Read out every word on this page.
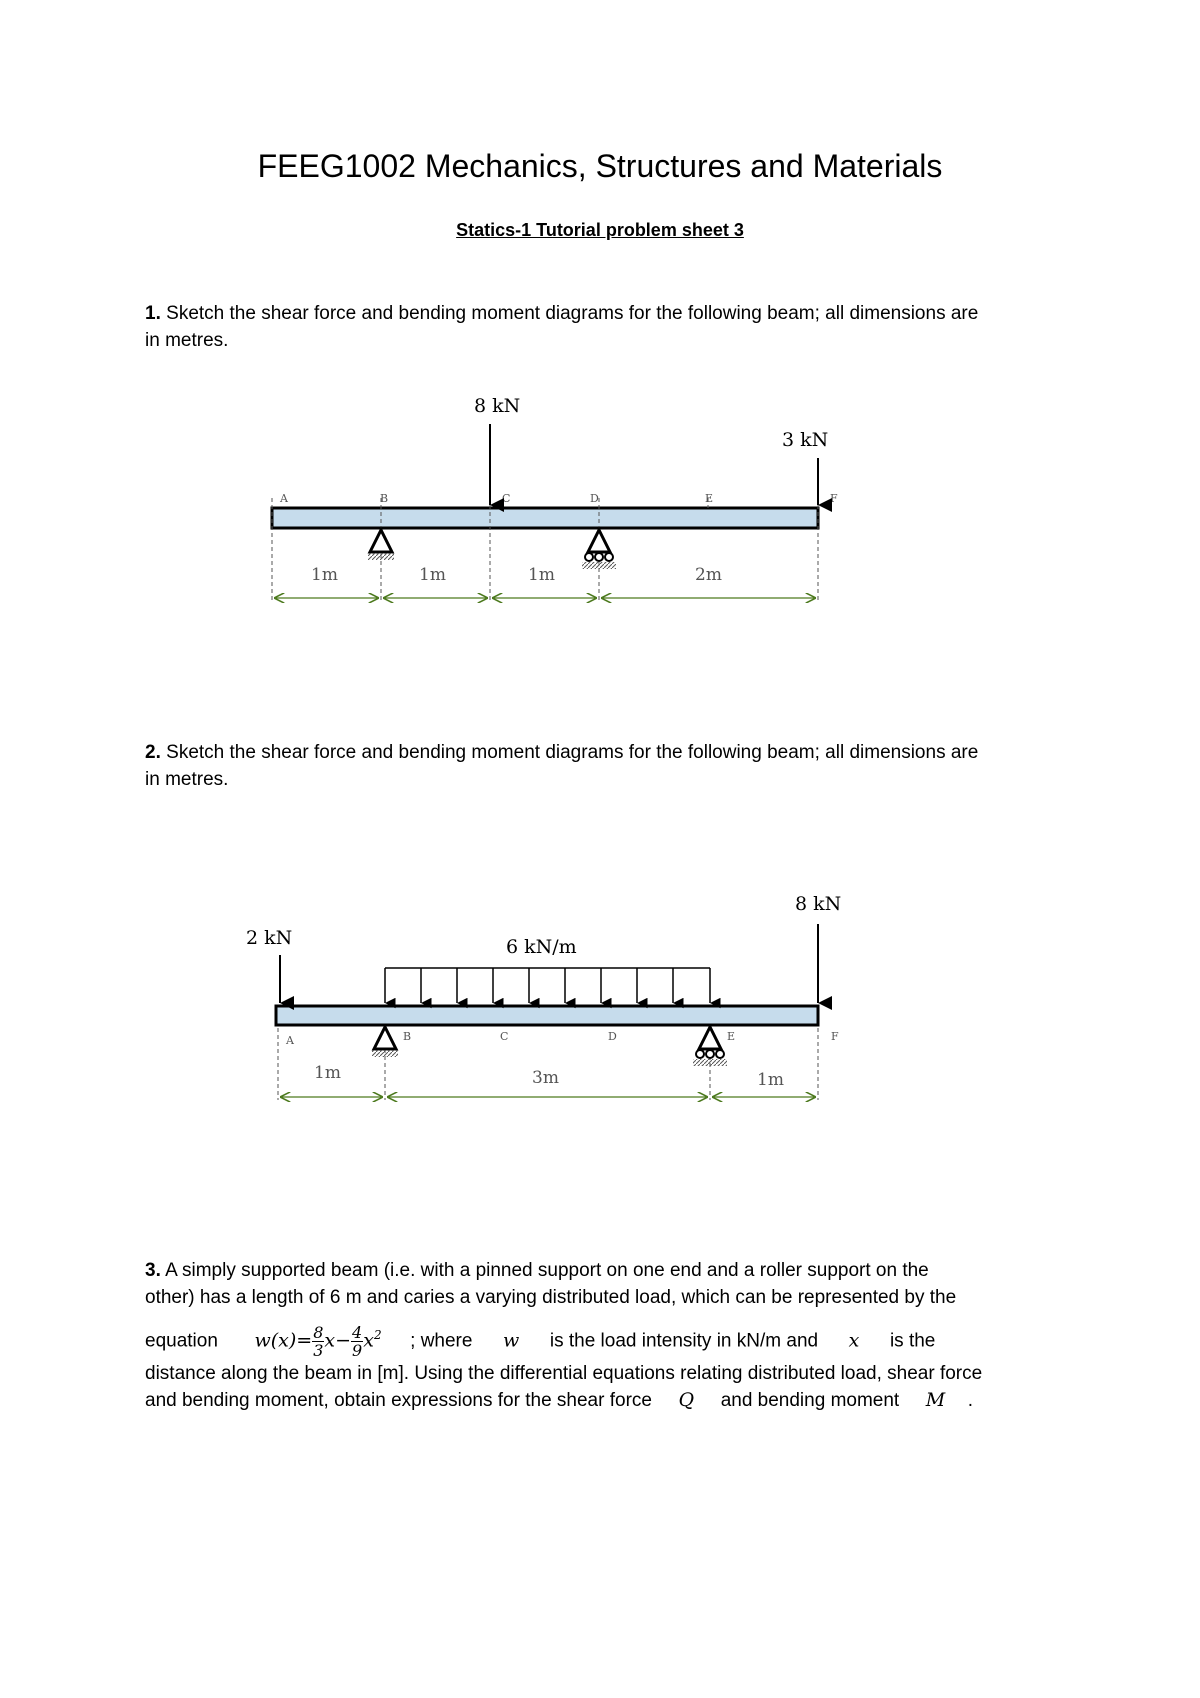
FEEG1002 Mechanics, Structures and Materials
Statics-1 Tutorial problem sheet 3
1. Sketch the shear force and bending moment diagrams for the following beam; all dimensions are
in metres.
A	B	C	D	E	F
8 kN
3 kN
1m	1m	1m	2m
2. Sketch the shear force and bending moment diagrams for the following beam; all dimensions are
in metres.
6 kN/m
2 kN
8 kN
A	B	C	D	E	F
1m	3m	1m
3. A simply supported beam (i.e. with a pinned support on one end and a roller support on the
other) has a length of 6 m and caries a varying distributed load, which can be represented by the
equation $w(x)= \frac{8}{3} x- \frac{4}{9} x^2$ ; where w is the load intensity in kN/m and x is the
distance along the beam in [m]. Using the differential equations relating distributed load, shear force
and bending moment, obtain expressions for the shear force Q and bending moment M .
